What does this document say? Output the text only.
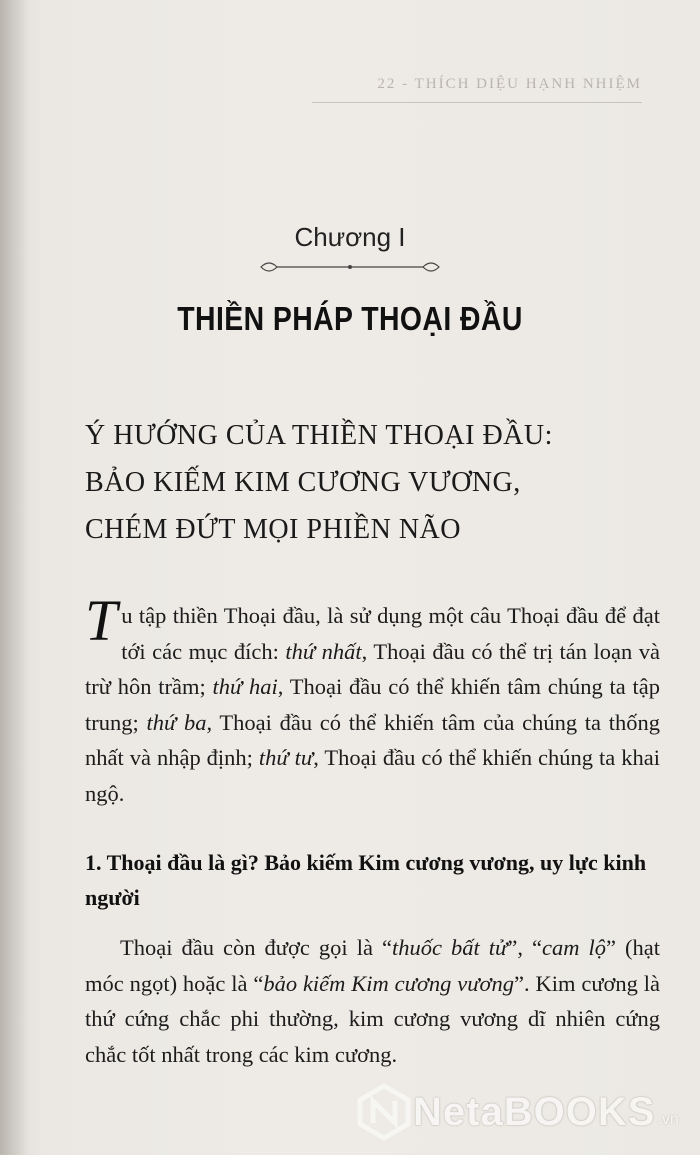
22 - THÍCH DIỆU HẠNH NHIỆM
Chương I
THIỀN PHÁP THOẠI ĐẦU
Ý HƯỚNG CỦA THIỀN THOẠI ĐẦU:
BẢO KIẾM KIM CƯƠNG VƯƠNG,
CHÉM ĐỨT MỌI PHIỀN NÃO
Tu tập thiền Thoại đầu, là sử dụng một câu Thoại đầu để đạt tới các mục đích: thứ nhất, Thoại đầu có thể trị tán loạn và trừ hôn trầm; thứ hai, Thoại đầu có thể khiến tâm chúng ta tập trung; thứ ba, Thoại đầu có thể khiến tâm của chúng ta thống nhất và nhập định; thứ tư, Thoại đầu có thể khiến chúng ta khai ngộ.
1. Thoại đầu là gì? Bảo kiếm Kim cương vương, uy lực kinh người
Thoại đầu còn được gọi là “thuốc bất tử”, “cam lộ” (hạt móc ngọt) hoặc là “bảo kiếm Kim cương vương”. Kim cương là thứ cứng chắc phi thường, kim cương vương dĩ nhiên cứng chắc tốt nhất trong các kim cương.
NetaBOOKS .vn
